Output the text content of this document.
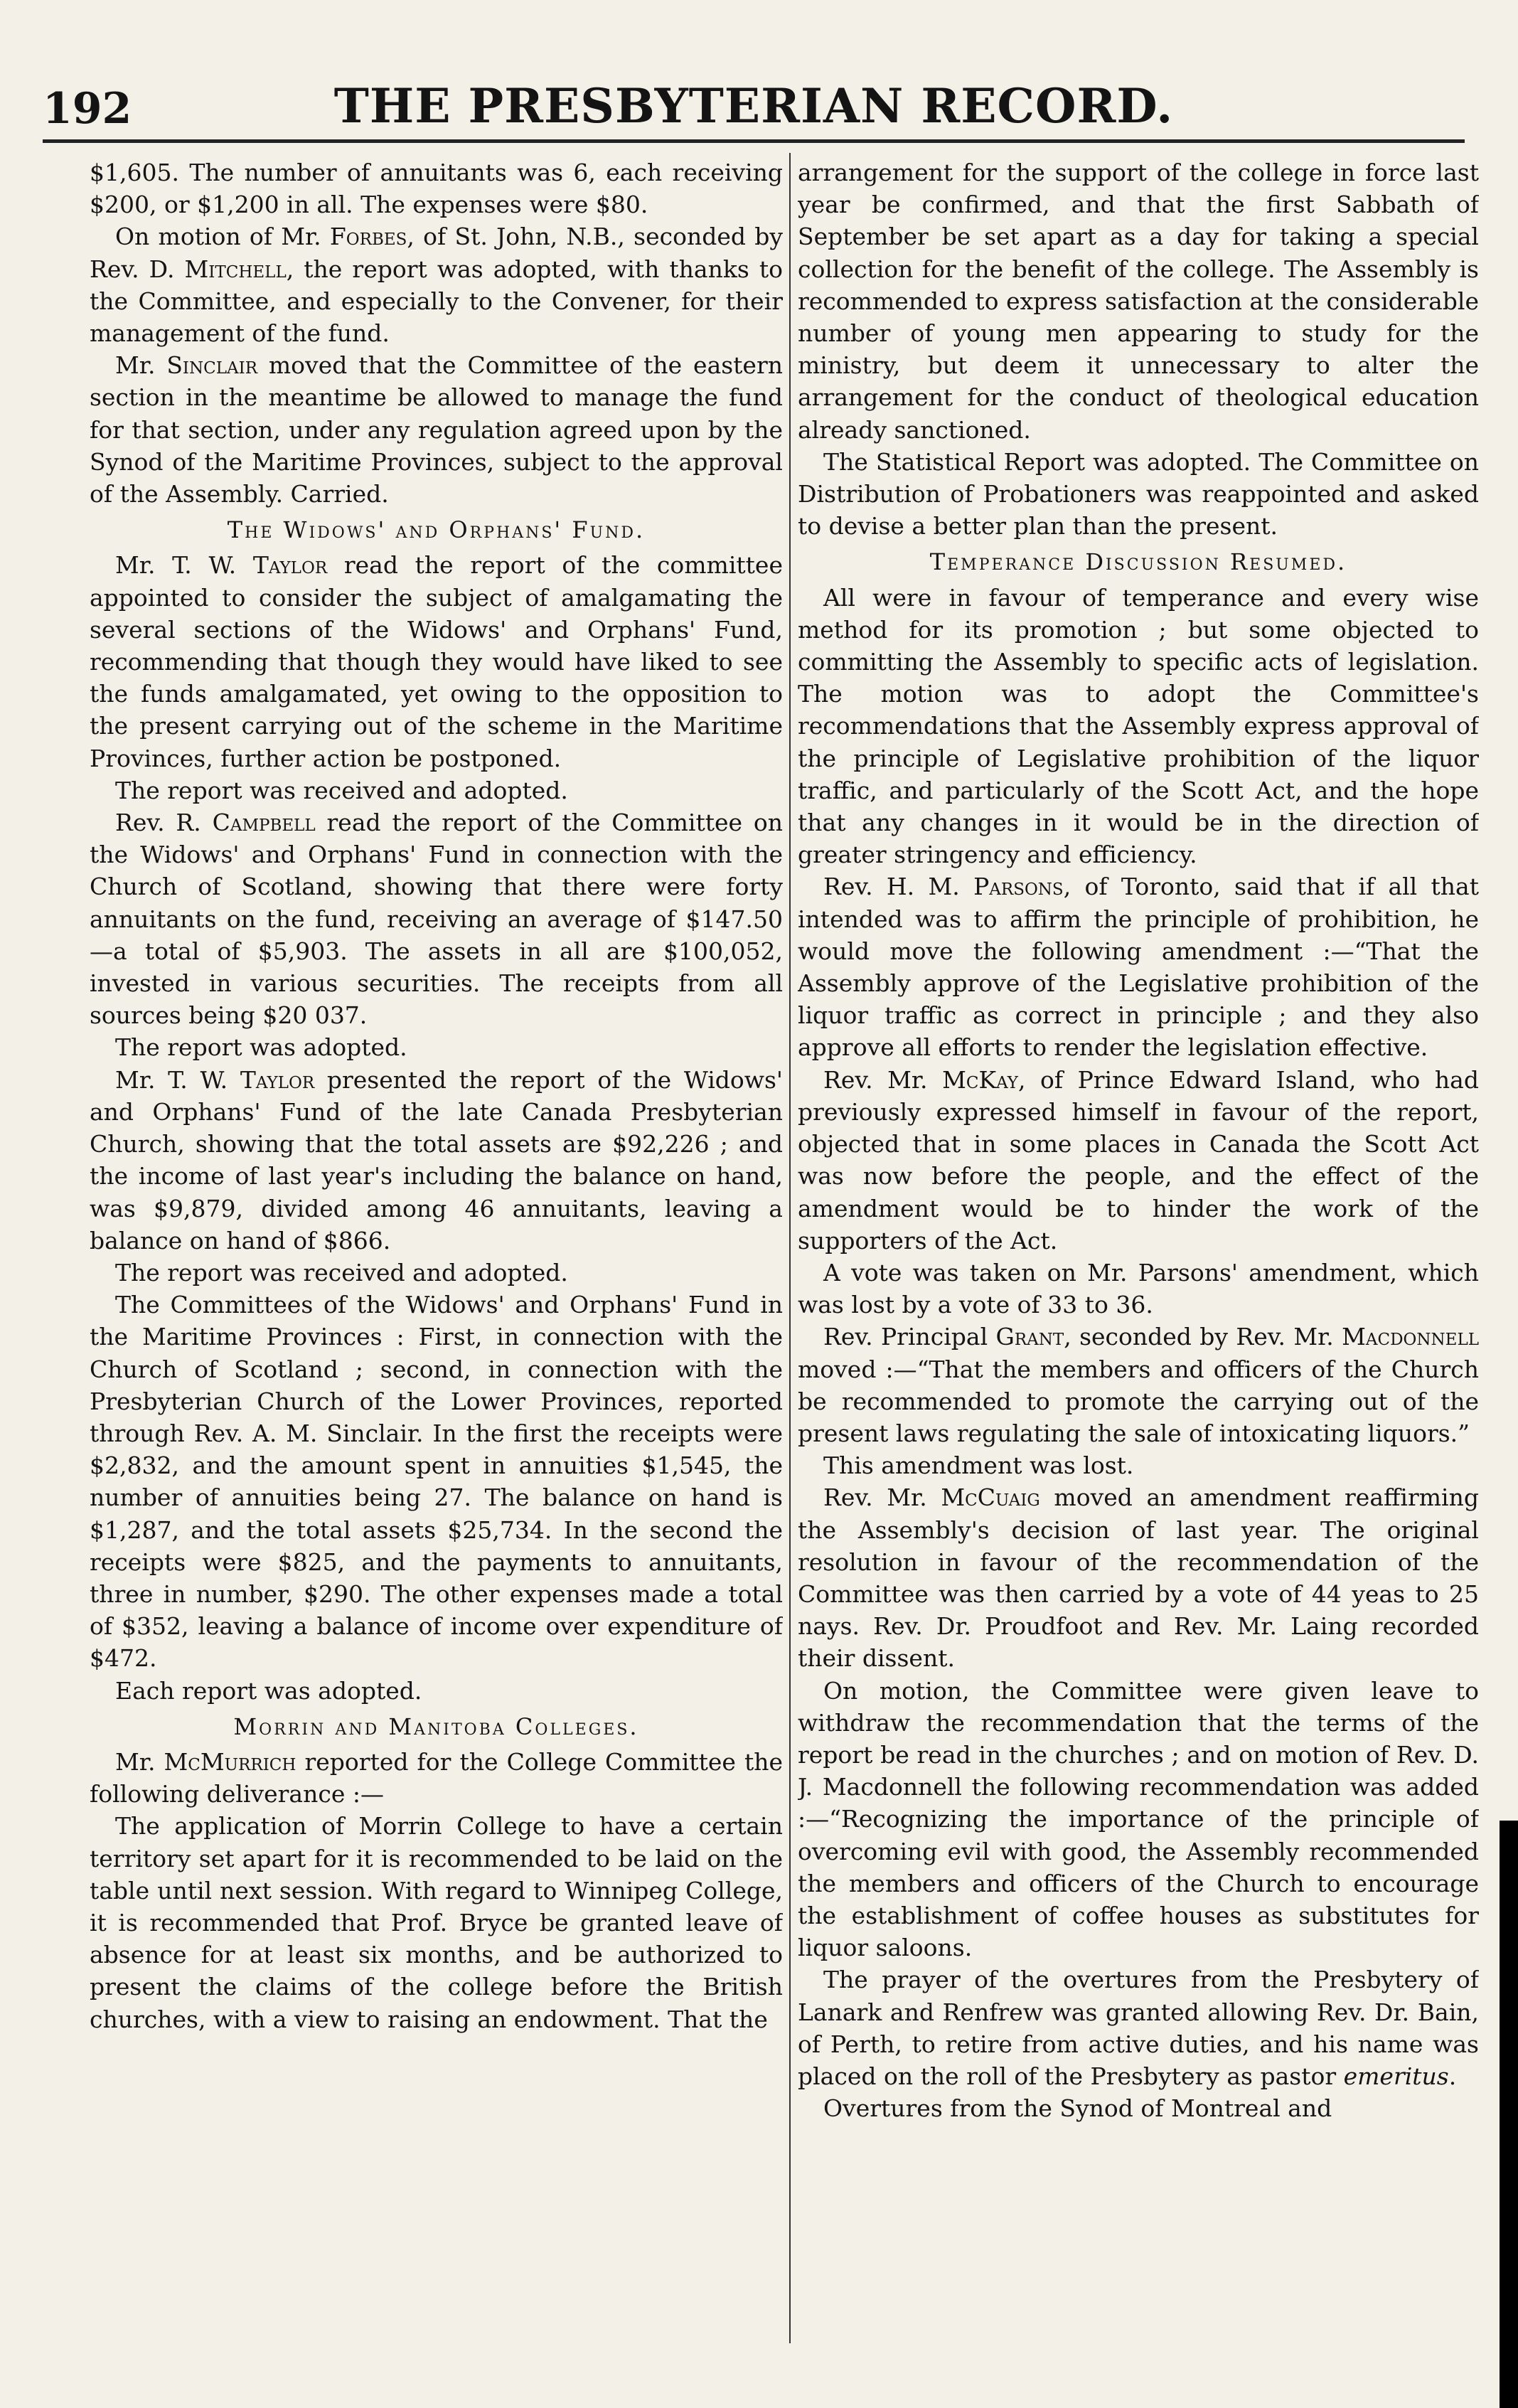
192	THE PRESBYTERIAN RECORD.

$1,605. The number of annuitants was 6, each receiving $200, or $1,200 in all. The expenses were $80.

On motion of Mr. Forbes, of St. John, N.B., seconded by Rev. D. Mitchell, the report was adopted, with thanks to the Committee, and especially to the Convener, for their management of the fund.

Mr. Sinclair moved that the Committee of the eastern section in the meantime be allowed to manage the fund for that section, under any regulation agreed upon by the Synod of the Maritime Provinces, subject to the approval of the Assembly. Carried.

The Widows' and Orphans' Fund.

Mr. T. W. Taylor read the report of the committee appointed to consider the subject of amalgamating the several sections of the Widows' and Orphans' Fund, recommending that though they would have liked to see the funds amalgamated, yet owing to the opposition to the present carrying out of the scheme in the Maritime Provinces, further action be postponed.

The report was received and adopted.

Rev. R. Campbell read the report of the Committee on the Widows' and Orphans' Fund in connection with the Church of Scotland, showing that there were forty annuitants on the fund, receiving an average of $147.50—a total of $5,903. The assets in all are $100,052, invested in various securities. The receipts from all sources being $20 037.

The report was adopted.

Mr. T. W. Taylor presented the report of the Widows' and Orphans' Fund of the late Canada Presbyterian Church, showing that the total assets are $92,226 ; and the income of last year's including the balance on hand, was $9,879, divided among 46 annuitants, leaving a balance on hand of $866.

The report was received and adopted.

The Committees of the Widows' and Orphans' Fund in the Maritime Provinces : First, in connection with the Church of Scotland ; second, in connection with the Presbyterian Church of the Lower Provinces, reported through Rev. A. M. Sinclair. In the first the receipts were $2,832, and the amount spent in annuities $1,545, the number of annuities being 27. The balance on hand is $1,287, and the total assets $25,734. In the second the receipts were $825, and the payments to annuitants, three in number, $290. The other expenses made a total of $352, leaving a balance of income over expenditure of $472.

Each report was adopted.

Morrin and Manitoba Colleges.

Mr. McMurrich reported for the College Committee the following deliverance :—

The application of Morrin College to have a certain territory set apart for it is recommended to be laid on the table until next session. With regard to Winnipeg College, it is recommended that Prof. Bryce be granted leave of absence for at least six months, and be authorized to present the claims of the college before the British churches, with a view to raising an endowment. That the

arrangement for the support of the college in force last year be confirmed, and that the first Sabbath of September be set apart as a day for taking a special collection for the benefit of the college. The Assembly is recommended to express satisfaction at the considerable number of young men appearing to study for the ministry, but deem it unnecessary to alter the arrangement for the conduct of theological education already sanctioned.

The Statistical Report was adopted. The Committee on Distribution of Probationers was reappointed and asked to devise a better plan than the present.

Temperance Discussion Resumed.

All were in favour of temperance and every wise method for its promotion ; but some objected to committing the Assembly to specific acts of legislation. The motion was to adopt the Committee's recommendations that the Assembly express approval of the principle of Legislative prohibition of the liquor traffic, and particularly of the Scott Act, and the hope that any changes in it would be in the direction of greater stringency and efficiency.

Rev. H. M. Parsons, of Toronto, said that if all that intended was to affirm the principle of prohibition, he would move the following amendment :—“That the Assembly approve of the Legislative prohibition of the liquor traffic as correct in principle ; and they also approve all efforts to render the legislation effective.

Rev. Mr. McKay, of Prince Edward Island, who had previously expressed himself in favour of the report, objected that in some places in Canada the Scott Act was now before the people, and the effect of the amendment would be to hinder the work of the supporters of the Act.

A vote was taken on Mr. Parsons' amendment, which was lost by a vote of 33 to 36.

Rev. Principal Grant, seconded by Rev. Mr. Macdonnell moved :—“That the members and officers of the Church be recommended to promote the carrying out of the present laws regulating the sale of intoxicating liquors.”

This amendment was lost.

Rev. Mr. McCuaig moved an amendment reaffirming the Assembly's decision of last year. The original resolution in favour of the recommendation of the Committee was then carried by a vote of 44 yeas to 25 nays. Rev. Dr. Proudfoot and Rev. Mr. Laing recorded their dissent.

On motion, the Committee were given leave to withdraw the recommendation that the terms of the report be read in the churches ; and on motion of Rev. D. J. Macdonnell the following recommendation was added :—“Recognizing the importance of the principle of overcoming evil with good, the Assembly recommended the members and officers of the Church to encourage the establishment of coffee houses as substitutes for liquor saloons.

The prayer of the overtures from the Presbytery of Lanark and Renfrew was granted allowing Rev. Dr. Bain, of Perth, to retire from active duties, and his name was placed on the roll of the Presbytery as pastor emeritus.

Overtures from the Synod of Montreal and
